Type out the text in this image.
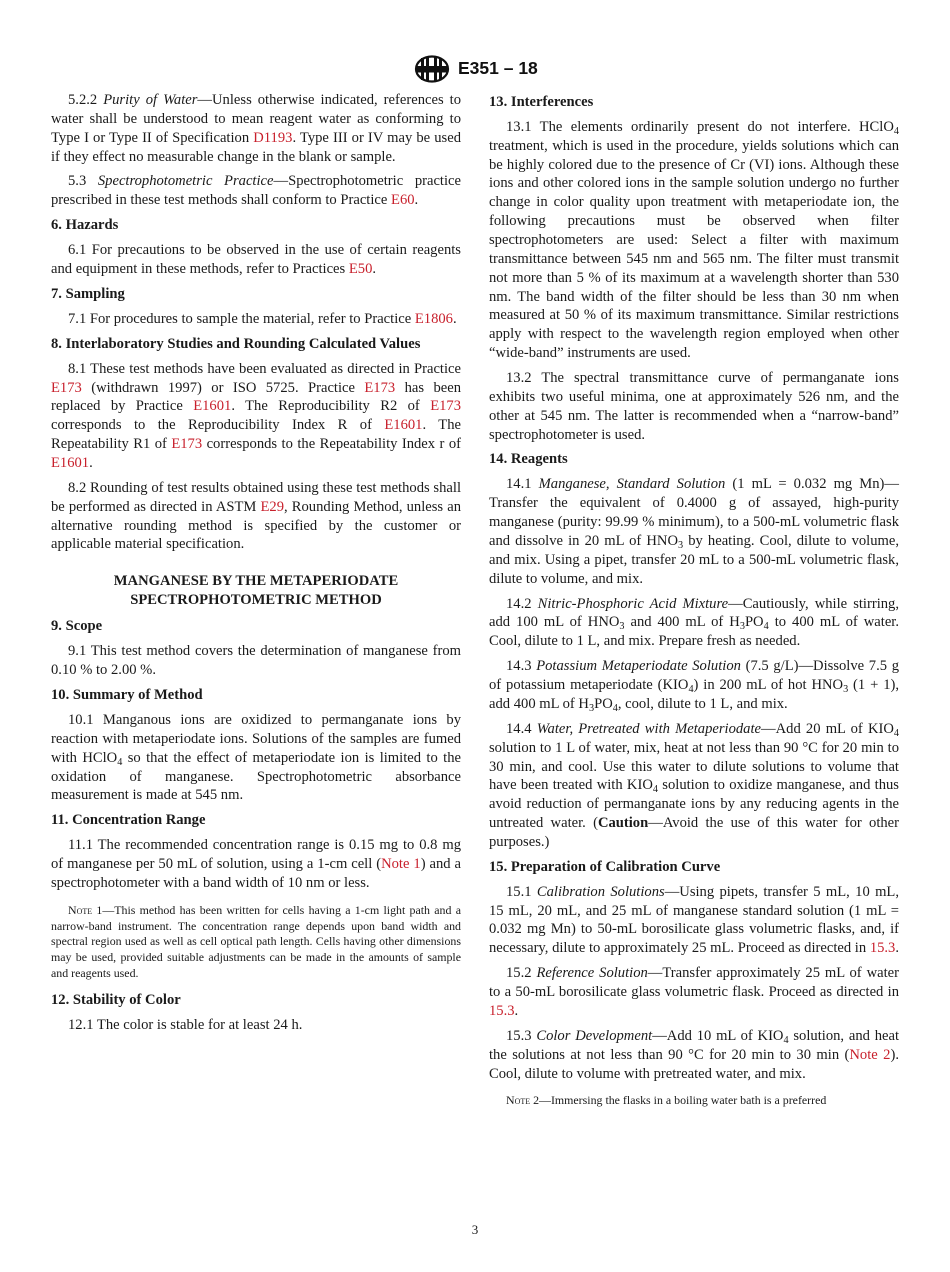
E351 – 18

5.2.2 Purity of Water—Unless otherwise indicated, references to water shall be understood to mean reagent water as conforming to Type I or Type II of Specification D1193. Type III or IV may be used if they effect no measurable change in the blank or sample.

5.3 Spectrophotometric Practice—Spectrophotometric practice prescribed in these test methods shall conform to Practice E60.

6. Hazards

6.1 For precautions to be observed in the use of certain reagents and equipment in these methods, refer to Practices E50.

7. Sampling

7.1 For procedures to sample the material, refer to Practice E1806.

8. Interlaboratory Studies and Rounding Calculated Values

8.1 These test methods have been evaluated as directed in Practice E173 (withdrawn 1997) or ISO 5725. Practice E173 has been replaced by Practice E1601. The Reproducibility R2 of E173 corresponds to the Reproducibility Index R of E1601. The Repeatability R1 of E173 corresponds to the Repeatability Index r of E1601.

8.2 Rounding of test results obtained using these test methods shall be performed as directed in ASTM E29, Rounding Method, unless an alternative rounding method is specified by the customer or applicable material specification.

MANGANESE BY THE METAPERIODATE
SPECTROPHOTOMETRIC METHOD
9. Scope

9.1 This test method covers the determination of manganese from 0.10 % to 2.00 %.

10. Summary of Method

10.1 Manganous ions are oxidized to permanganate ions by reaction with metaperiodate ions. Solutions of the samples are fumed with HClO$_4$ so that the effect of metaperiodate ion is limited to the oxidation of manganese. Spectrophotometric absorbance measurement is made at 545 nm.

11. Concentration Range

11.1 The recommended concentration range is 0.15 mg to 0.8 mg of manganese per 50 mL of solution, using a 1-cm cell (Note 1) and a spectrophotometer with a band width of 10 nm or less.

Note 1—This method has been written for cells having a 1-cm light path and a narrow-band instrument. The concentration range depends upon band width and spectral region used as well as cell optical path length. Cells having other dimensions may be used, provided suitable adjustments can be made in the amounts of sample and reagents used.

12. Stability of Color

12.1 The color is stable for at least 24 h.

13. Interferences

13.1 The elements ordinarily present do not interfere. HClO$_4$ treatment, which is used in the procedure, yields solutions which can be highly colored due to the presence of Cr (VI) ions. Although these ions and other colored ions in the sample solution undergo no further change in color quality upon treatment with metaperiodate ion, the following precautions must be observed when filter spectrophotometers are used: Select a filter with maximum transmittance between 545 nm and 565 nm. The filter must transmit not more than 5 % of its maximum at a wavelength shorter than 530 nm. The band width of the filter should be less than 30 nm when measured at 50 % of its maximum transmittance. Similar restrictions apply with respect to the wavelength region employed when other “wide-band” instruments are used.

13.2 The spectral transmittance curve of permanganate ions exhibits two useful minima, one at approximately 526 nm, and the other at 545 nm. The latter is recommended when a “narrow-band” spectrophotometer is used.

14. Reagents

14.1 Manganese, Standard Solution (1 mL = 0.032 mg Mn)—Transfer the equivalent of 0.4000 g of assayed, high-purity manganese (purity: 99.99 % minimum), to a 500-mL volumetric flask and dissolve in 20 mL of $HNO_3$ by heating. Cool, dilute to volume, and mix. Using a pipet, transfer 20 mL to a 500-mL volumetric flask, dilute to volume, and mix.

14.2 Nitric-Phosphoric Acid Mixture—Cautiously, while stirring, add 100 mL of $HNO_3$ and 400 mL of $H_3PO_4$ to 400 mL of water. Cool, dilute to 1 L, and mix. Prepare fresh as needed.

14.3 Potassium Metaperiodate Solution (7.5 g/L)—Dissolve 7.5 g of potassium metaperiodate $(KIO_4)$ in 200 mL of hot $HNO_3$ (1 + 1), add 400 mL of $H_3PO_4$, cool, dilute to 1 L, and mix.

14.4 Water, Pretreated with Metaperiodate—Add 20 mL of $KIO_4$ solution to 1 L of water, mix, heat at not less than 90 °C for 20 min to 30 min, and cool. Use this water to dilute solutions to volume that have been treated with $KIO_4$ solution to oxidize manganese, and thus avoid reduction of permanganate ions by any reducing agents in the untreated water. (Caution—Avoid the use of this water for other purposes.)

15. Preparation of Calibration Curve

15.1 Calibration Solutions—Using pipets, transfer 5 mL, 10 mL, 15 mL, 20 mL, and 25 mL of manganese standard solution (1 mL = 0.032 mg Mn) to 50-mL borosilicate glass volumetric flasks, and, if necessary, dilute to approximately 25 mL. Proceed as directed in 15.3.

15.2 Reference Solution—Transfer approximately 25 mL of water to a 50-mL borosilicate glass volumetric flask. Proceed as directed in 15.3.

15.3 Color Development—Add 10 mL of $KIO_4$ solution, and heat the solutions at not less than 90 °C for 20 min to 30 min (Note 2). Cool, dilute to volume with pretreated water, and mix.

Note 2—Immersing the flasks in a boiling water bath is a preferred

3
